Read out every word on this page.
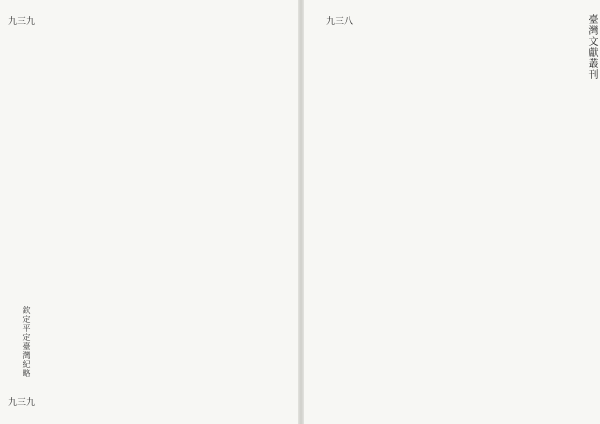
九三九

欽定平定臺灣紀略
九三九
臺灣文獻叢刊
九三八
